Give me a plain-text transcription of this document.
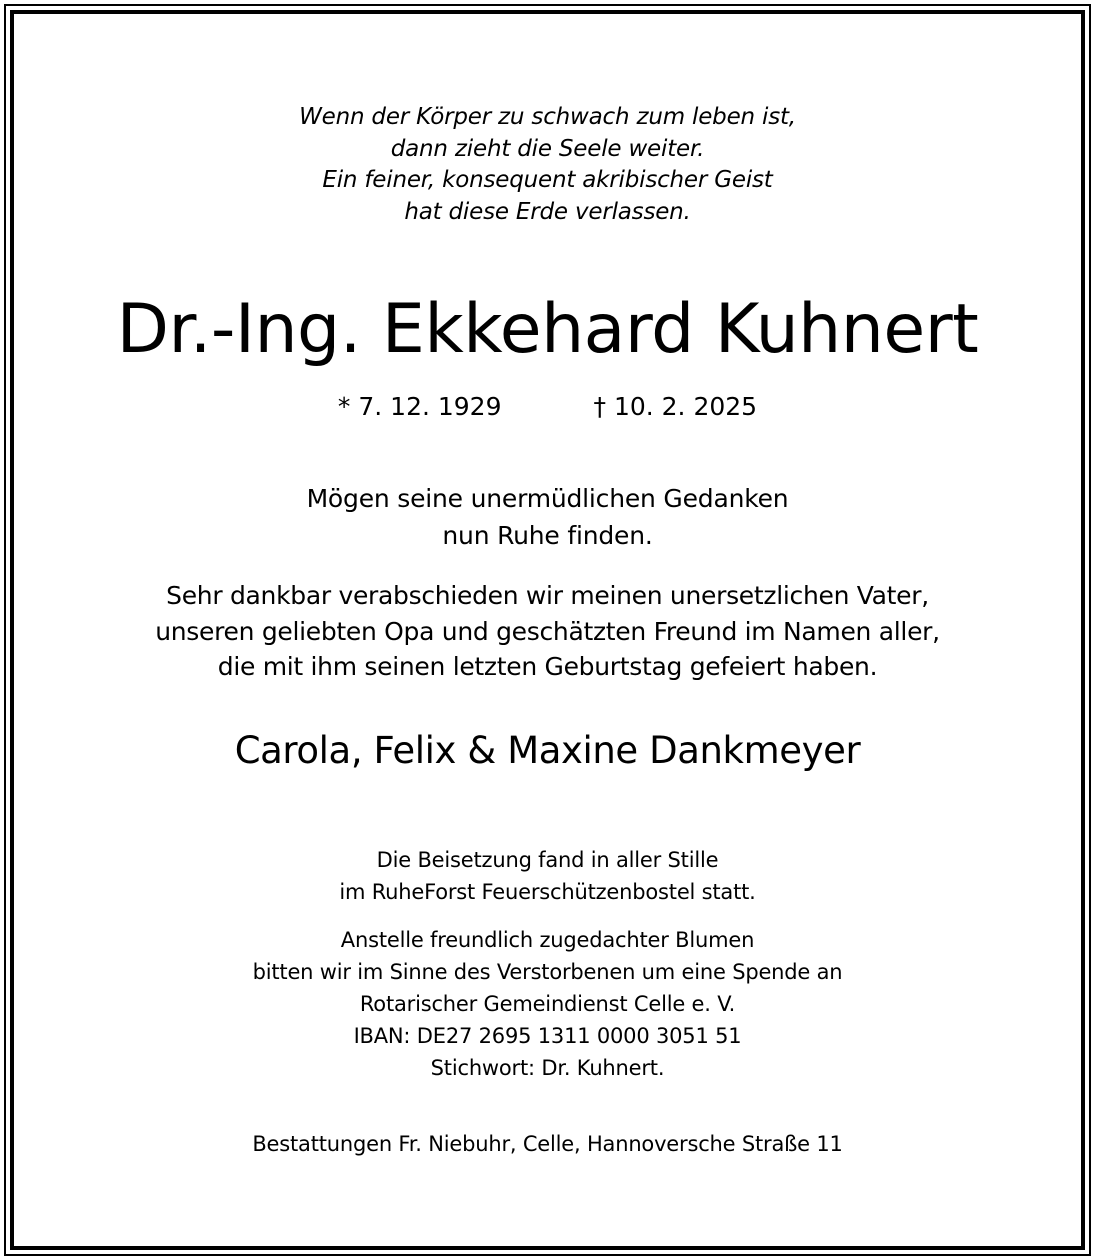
Wenn der Körper zu schwach zum leben ist,
dann zieht die Seele weiter.
Ein feiner, konsequent akribischer Geist
hat diese Erde verlassen.
Dr.-Ing. Ekkehard Kuhnert
* 7. 12. 1929	† 10. 2. 2025
Mögen seine unermüdlichen Gedanken
nun Ruhe finden.
Sehr dankbar verabschieden wir meinen unersetzlichen Vater,
unseren geliebten Opa und geschätzten Freund im Namen aller,
die mit ihm seinen letzten Geburtstag gefeiert haben.
Carola, Felix & Maxine Dankmeyer
Die Beisetzung fand in aller Stille
im RuheForst Feuerschützenbostel statt.
Anstelle freundlich zugedachter Blumen
bitten wir im Sinne des Verstorbenen um eine Spende an
Rotarischer Gemeindienst Celle e. V.
IBAN: DE27 2695 1311 0000 3051 51
Stichwort: Dr. Kuhnert.
Bestattungen Fr. Niebuhr, Celle, Hannoversche Straße 11
